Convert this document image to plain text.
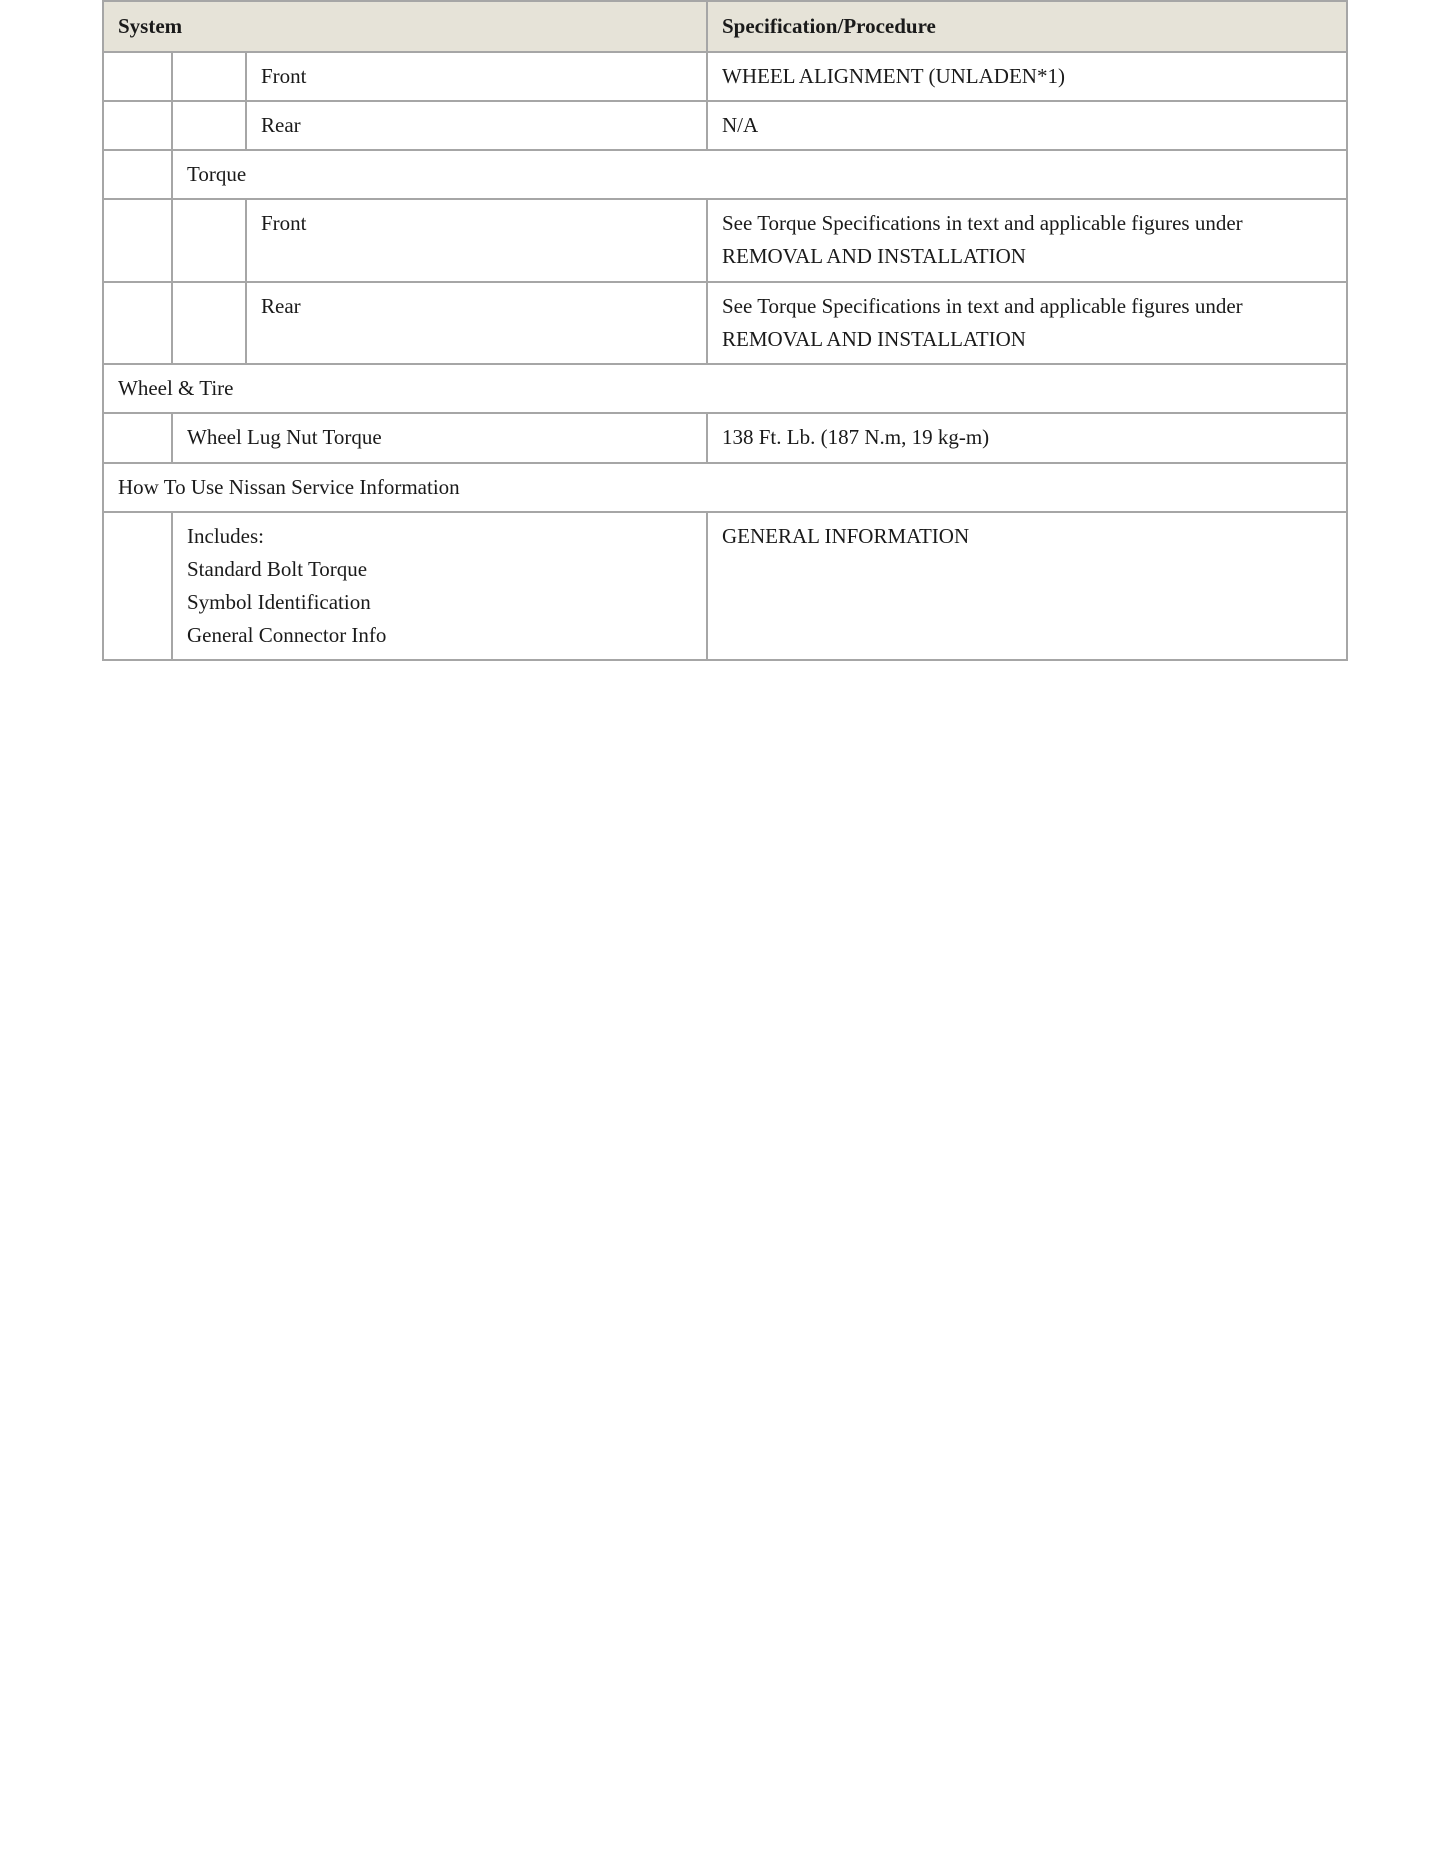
System			Specification/Procedure
		Front	WHEEL ALIGNMENT (UNLADEN*1)
		Rear	N/A
	Torque		
		Front	See Torque Specifications in text and applicable figures under
REMOVAL AND INSTALLATION

		Rear	See Torque Specifications in text and applicable figures under
REMOVAL AND INSTALLATION

Wheel & Tire			
	Wheel Lug Nut Torque		138 Ft. Lb. (187 N.m, 19 kg-m)
How To Use Nissan Service Information			

	Includes:
Standard Bolt Torque
Symbol Identification
General Connector Info		GENERAL INFORMATION
